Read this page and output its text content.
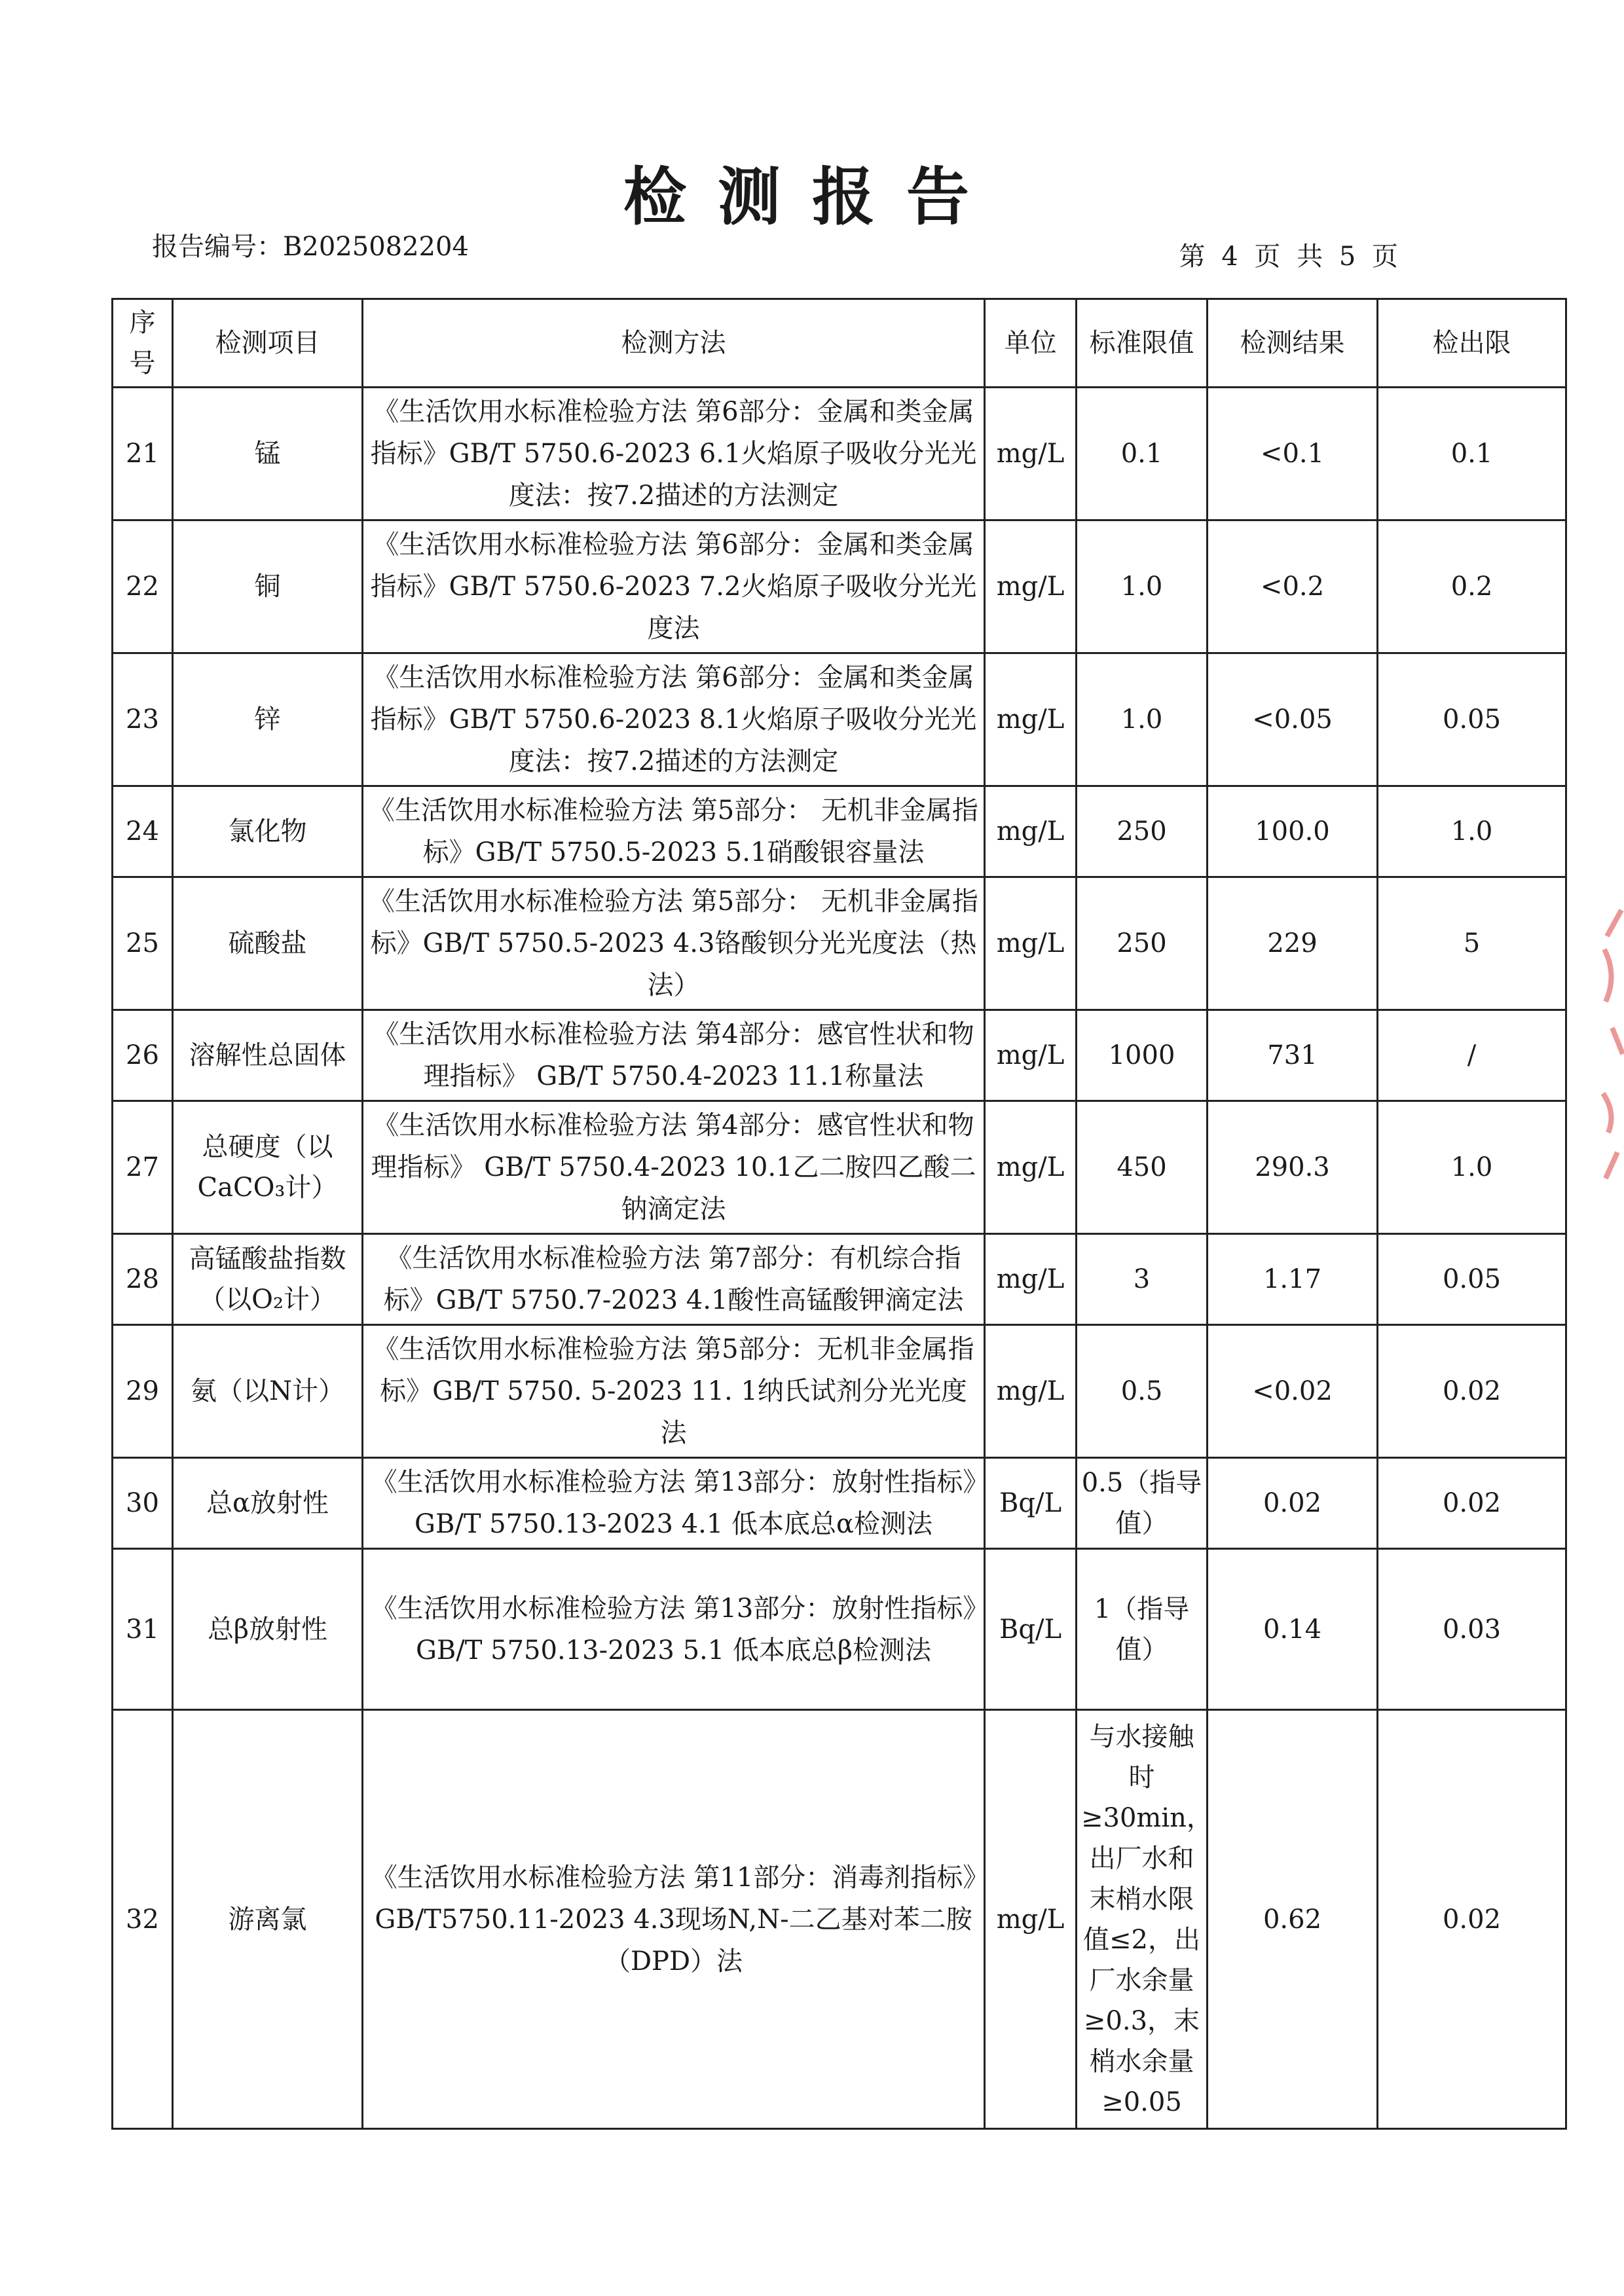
检测报告
报告编号：B2025082204	第 4 页 共 5 页
序号	检测项目	检测方法	单位	标准限值	检测结果	检出限
21	锰	《生活饮用水标准检验方法 第6部分：金属和类金属指标》GB/T 5750.6-2023 6.1火焰原子吸收分光光度法：按7.2描述的方法测定	mg/L	0.1	<0.1	0.1
22	铜	《生活饮用水标准检验方法 第6部分：金属和类金属指标》GB/T 5750.6-2023 7.2火焰原子吸收分光光度法	mg/L	1.0	<0.2	0.2
23	锌	《生活饮用水标准检验方法 第6部分：金属和类金属指标》GB/T 5750.6-2023 8.1火焰原子吸收分光光度法：按7.2描述的方法测定	mg/L	1.0	<0.05	0.05
24	氯化物	《生活饮用水标准检验方法 第5部分： 无机非金属指标》GB/T 5750.5-2023 5.1硝酸银容量法	mg/L	250	100.0	1.0
25	硫酸盐	《生活饮用水标准检验方法 第5部分： 无机非金属指标》GB/T 5750.5-2023 4.3铬酸钡分光光度法（热法）	mg/L	250	229	5
26	溶解性总固体	《生活饮用水标准检验方法 第4部分：感官性状和物理指标》 GB/T 5750.4-2023 11.1称量法	mg/L	1000	731	/
27	总硬度（以CaCO₃计）	《生活饮用水标准检验方法 第4部分：感官性状和物理指标》 GB/T 5750.4-2023 10.1乙二胺四乙酸二钠滴定法	mg/L	450	290.3	1.0
28	高锰酸盐指数（以O₂计）	《生活饮用水标准检验方法 第7部分：有机综合指标》GB/T 5750.7-2023 4.1酸性高锰酸钾滴定法	mg/L	3	1.17	0.05
29	氨（以N计）	《生活饮用水标准检验方法 第5部分：无机非金属指标》GB/T 5750. 5-2023 11. 1纳氏试剂分光光度法	mg/L	0.5	<0.02	0.02
30	总α放射性	《生活饮用水标准检验方法 第13部分：放射性指标》GB/T 5750.13-2023 4.1 低本底总α检测法	Bq/L	0.5（指导值）	0.02	0.02
31	总β放射性	《生活饮用水标准检验方法 第13部分：放射性指标》GB/T 5750.13-2023 5.1 低本底总β检测法	Bq/L	1（指导值）	0.14	0.03
32	游离氯	《生活饮用水标准检验方法 第11部分：消毒剂指标》GB/T5750.11-2023 4.3现场N,N-二乙基对苯二胺（DPD）法	mg/L	与水接触时≥30min，出厂水和末梢水限值≤2，出厂水余量≥0.3，末梢水余量≥0.05	0.62	0.02
